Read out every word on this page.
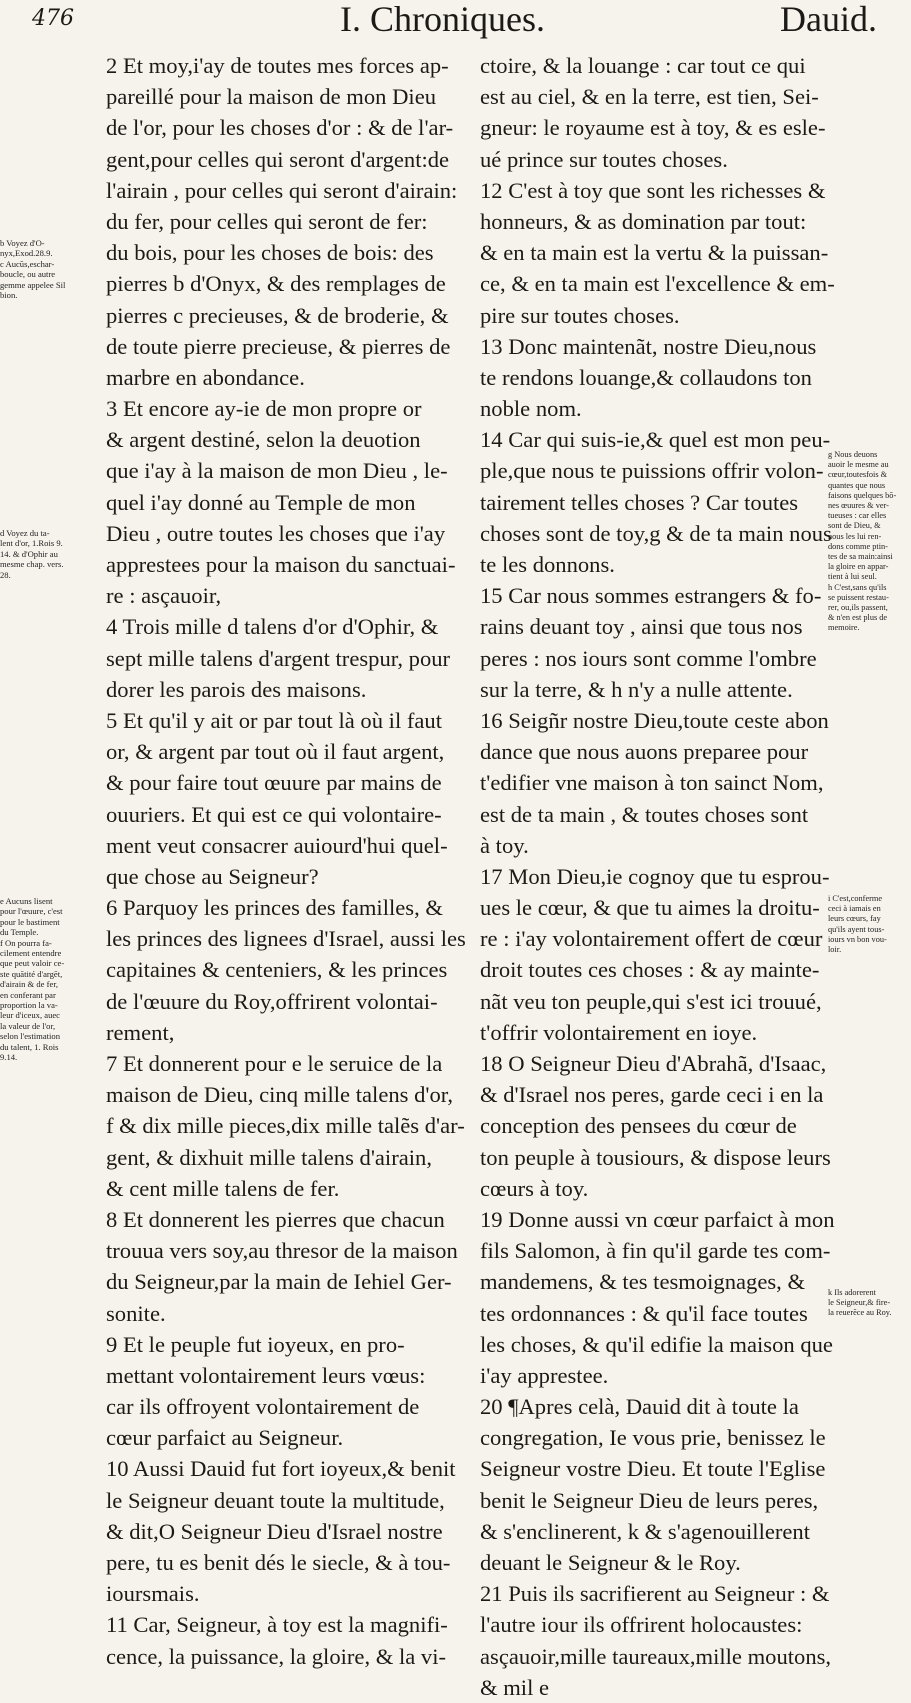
476	I. Chroniques.	Dauid.
b Voyez d'O-
nyx,Exod.28.9.
c Aucũs,eschar-
boucle, ou autre
gemme appelee Sil
bion.
d Voyez du ta-
lent d'or, 1.Rois 9.
14. & d'Ophir au
mesme chap. vers.
28.
e Aucuns lisent
pour l'œuure, c'est
pour le bastiment
du Temple.
f On pourra fa-
cilement entendre
que peut valoir ce-
ste quātité d'argēt,
d'airain & de fer,
en conferant par
proportion la va-
leur d'iceux, auec
la valeur de l'or,
selon l'estimation
du talent, 1. Rois
9.14.
2 Et moy,i'ay de toutes mes forces ap-
pareillé pour la maison de mon Dieu
de l'or, pour les choses d'or : & de l'ar-
gent,pour celles qui seront d'argent:de
l'airain , pour celles qui seront d'airain:
du fer, pour celles qui seront de fer:
du bois, pour les choses de bois: des
pierres b d'Onyx, & des remplages de
pierres c precieuses, & de broderie, &
de toute pierre precieuse, & pierres de
marbre en abondance.
3 Et encore ay-ie de mon propre or
& argent destiné, selon la deuotion
que i'ay à la maison de mon Dieu , le-
quel i'ay donné au Temple de mon
Dieu , outre toutes les choses que i'ay
apprestees pour la maison du sanctuai-
re : asçauoir,
4 Trois mille d talens d'or d'Ophir, &
sept mille talens d'argent trespur, pour
dorer les parois des maisons.
5 Et qu'il y ait or par tout là où il faut
or, & argent par tout où il faut argent,
& pour faire tout œuure par mains de
ouuriers. Et qui est ce qui volontaire-
ment veut consacrer auiourd'hui quel-
que chose au Seigneur?
6 Parquoy les princes des familles, &
les princes des lignees d'Israel, aussi les
capitaines & centeniers, & les princes
de l'œuure du Roy,offrirent volontai-
rement,
7 Et donnerent pour e le seruice de la
maison de Dieu, cinq mille talens d'or,
f & dix mille pieces,dix mille talẽs d'ar-
gent, & dixhuit mille talens d'airain,
& cent mille talens de fer.
8 Et donnerent les pierres que chacun
trouua vers soy,au thresor de la maison
du Seigneur,par la main de Iehiel Ger-
sonite.
9 Et le peuple fut ioyeux, en pro-
mettant volontairement leurs vœus:
car ils offroyent volontairement de
cœur parfaict au Seigneur.
10 Aussi Dauid fut fort ioyeux,& benit
le Seigneur deuant toute la multitude,
& dit,O Seigneur Dieu d'Israel nostre
pere, tu es benit dés le siecle, & à tou-
ioursmais.
11 Car, Seigneur, à toy est la magnifi-
cence, la puissance, la gloire, & la vi-
ctoire, & la louange : car tout ce qui
est au ciel, & en la terre, est tien, Sei-
gneur: le royaume est à toy, & es esle-
ué prince sur toutes choses.
12 C'est à toy que sont les richesses &
honneurs, & as domination par tout:
& en ta main est la vertu & la puissan-
ce, & en ta main est l'excellence & em-
pire sur toutes choses.
13 Donc maintenãt, nostre Dieu,nous
te rendons louange,& collaudons ton
noble nom.
14 Car qui suis-ie,& quel est mon peu-
ple,que nous te puissions offrir volon-
tairement telles choses ? Car toutes
choses sont de toy,g & de ta main nous
te les donnons.
15 Car nous sommes estrangers & fo-
rains deuant toy , ainsi que tous nos
peres : nos iours sont comme l'ombre
sur la terre, & h n'y a nulle attente.
16 Seigñr nostre Dieu,toute ceste abon
dance que nous auons preparee pour
t'edifier vne maison à ton sainct Nom,
est de ta main , & toutes choses sont
à toy.
17 Mon Dieu,ie cognoy que tu esprou-
ues le cœur, & que tu aimes la droitu-
re : i'ay volontairement offert de cœur
droit toutes ces choses : & ay mainte-
nãt veu ton peuple,qui s'est ici trouué,
t'offrir volontairement en ioye.
18 O Seigneur Dieu d'Abrahã, d'Isaac,
& d'Israel nos peres, garde ceci i en la
conception des pensees du cœur de
ton peuple à tousiours, & dispose leurs
cœurs à toy.
19 Donne aussi vn cœur parfaict à mon
fils Salomon, à fin qu'il garde tes com-
mandemens, & tes tesmoignages, &
tes ordonnances : & qu'il face toutes
les choses, & qu'il edifie la maison que
i'ay apprestee.
20 ¶Apres celà, Dauid dit à toute la
congregation, Ie vous prie, benissez le
Seigneur vostre Dieu. Et toute l'Eglise
benit le Seigneur Dieu de leurs peres,
& s'enclinerent, k & s'agenouillerent
deuant le Seigneur & le Roy.
21 Puis ils sacrifierent au Seigneur : &
l'autre iour ils offrirent holocaustes:
asçauoir,mille taureaux,mille moutons,
& mil e
g Nous deuons
auoir le mesme au
cœur,toutesfois &
quantes que nous
faisons quelques bō-
nes œuures & ver-
tueuses : car elles
sont de Dieu, &
nous les lui ren-
dons comme ptin-
tes de sa main:ainsi
la gloire en appar-
tient à lui seul.
h C'est,sans qu'ils
se puissent restau-
rer, ou,ils passent,
& n'en est plus de
memoire.
i C'est,conferme
ceci à iamais en
leurs cœurs, fay
qu'ils ayent tous-
iours vn bon vou-
loir.
k Ils adorerent
le Seigneur,& fire-
la reuerẽce au Roy.
